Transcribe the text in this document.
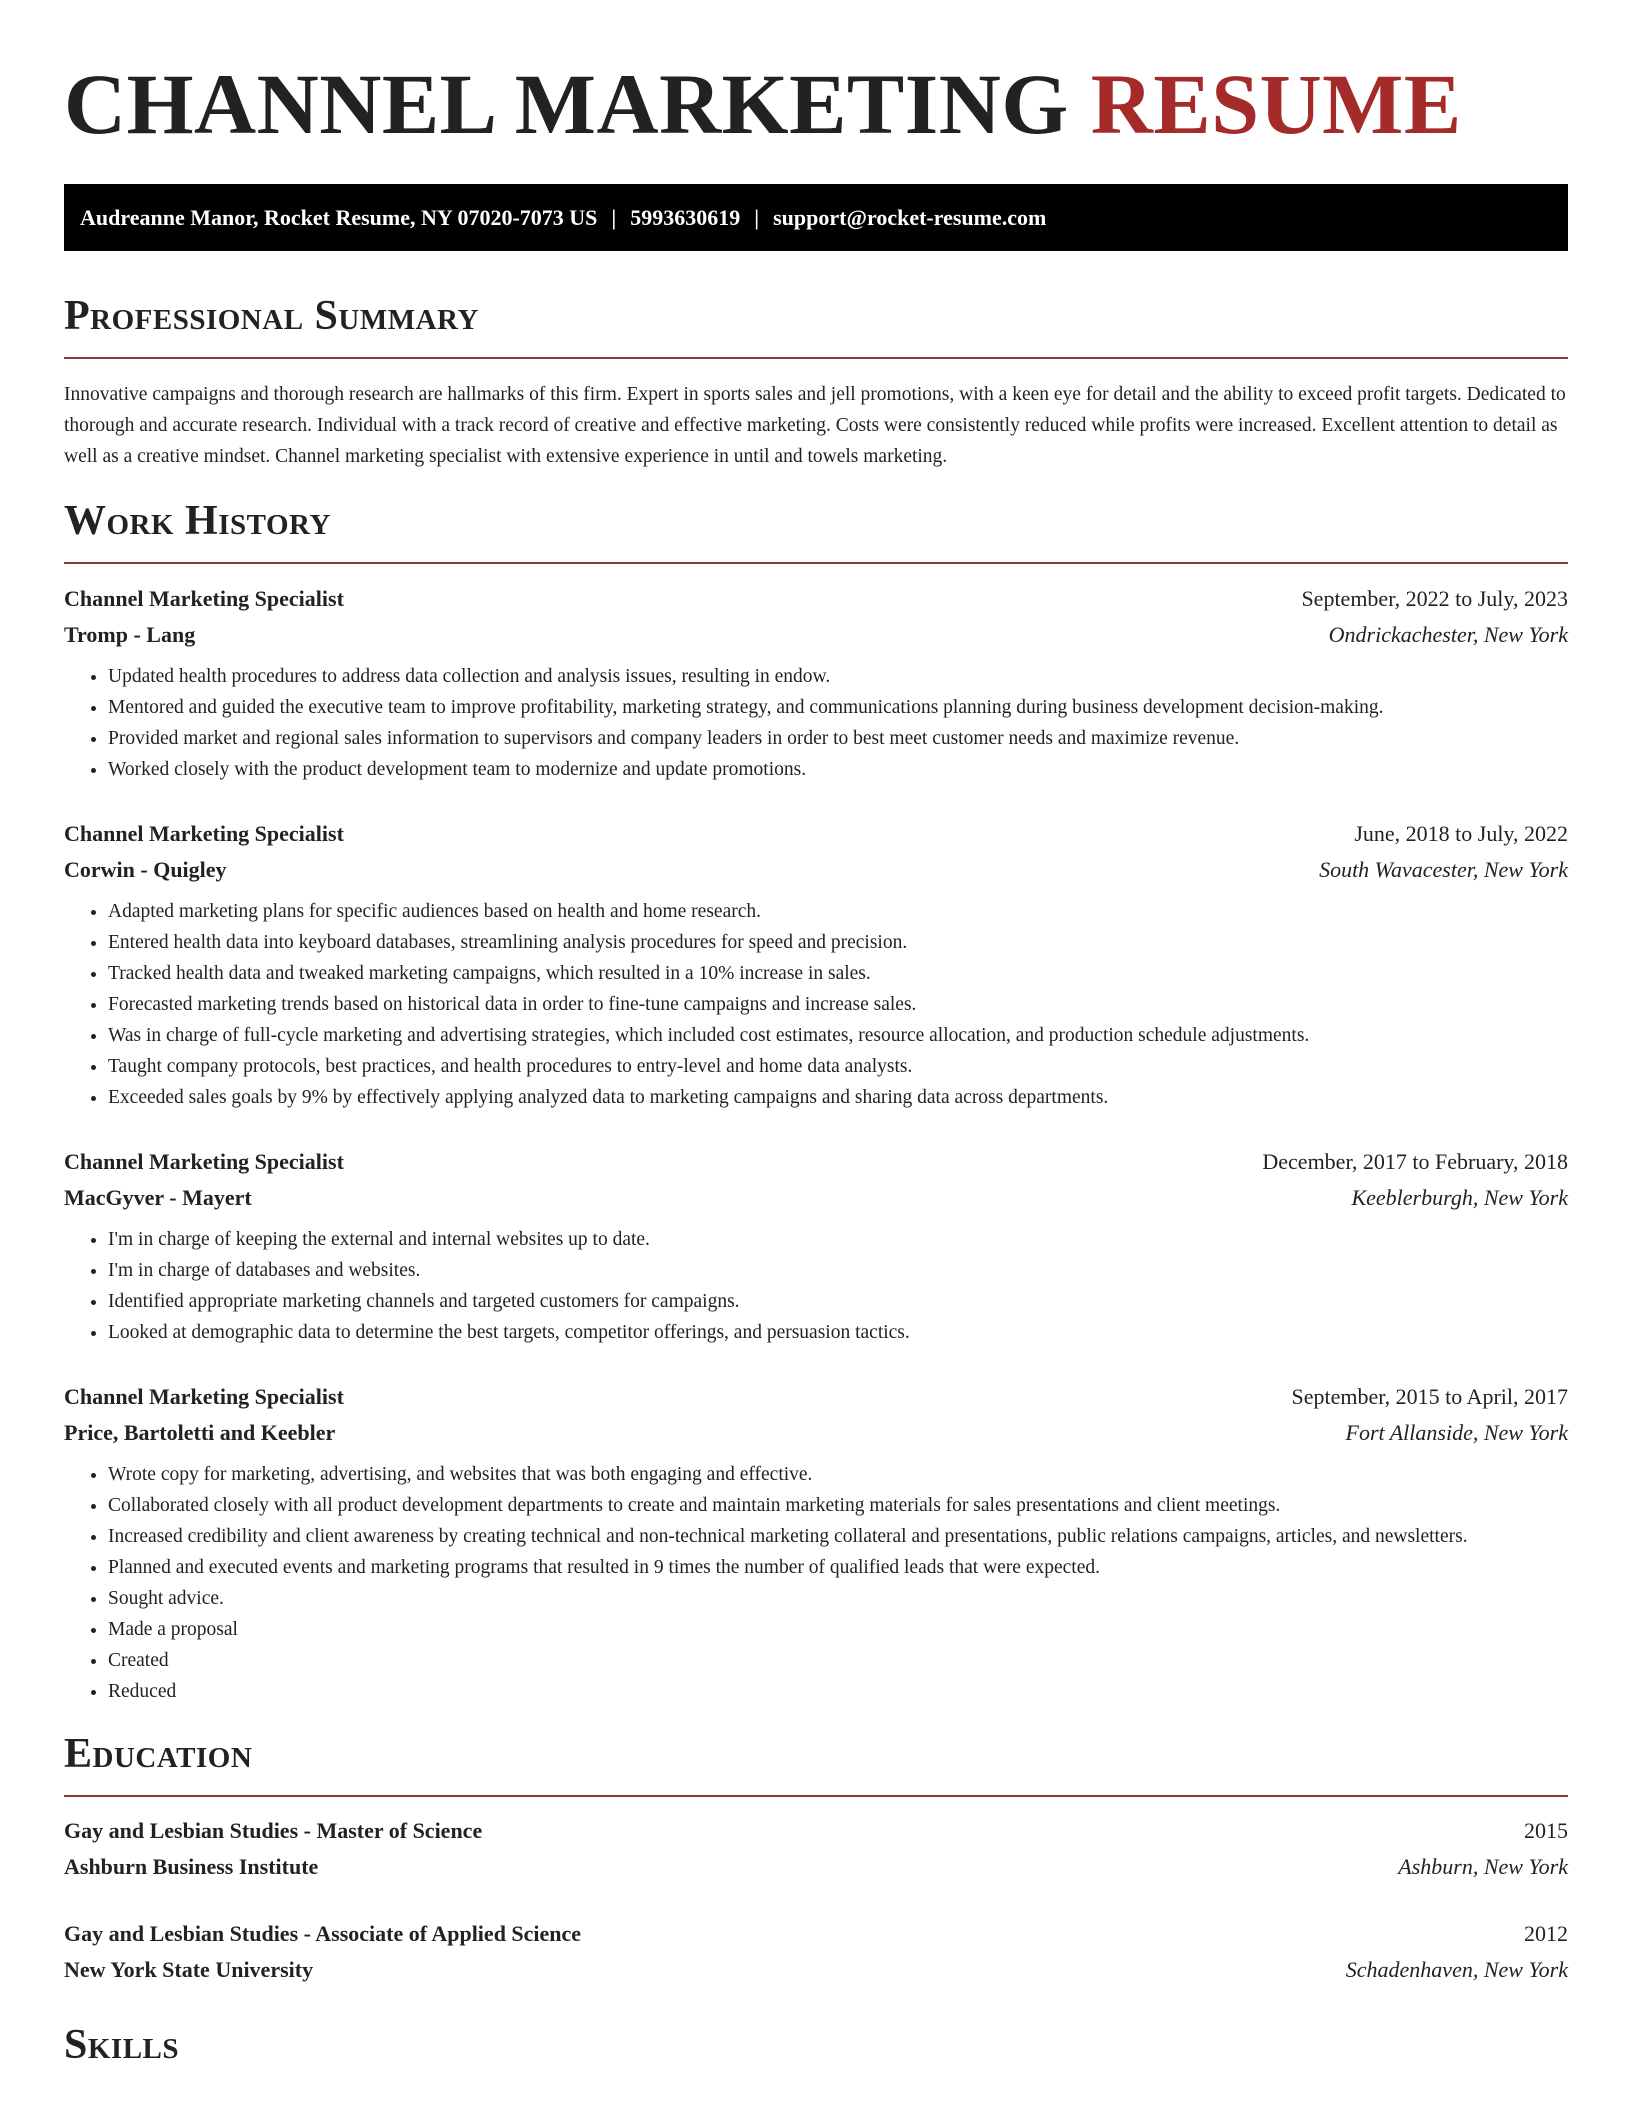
CHANNEL MARKETING RESUME
Audreanne Manor, Rocket Resume, NY 07020-7073 US | 5993630619 | support@rocket-resume.com
Professional Summary

Innovative campaigns and thorough research are hallmarks of this firm. Expert in sports sales and jell promotions, with a keen eye for detail and the ability to exceed profit targets. Dedicated to thorough and accurate research. Individual with a track record of creative and effective marketing. Costs were consistently reduced while profits were increased. Excellent attention to detail as well as a creative mindset. Channel marketing specialist with extensive experience in until and towels marketing.

Work History
Channel Marketing Specialist	September, 2022 to July, 2023
Tromp - Lang	Ondrickachester, New York
• Updated health procedures to address data collection and analysis issues, resulting in endow.
• Mentored and guided the executive team to improve profitability, marketing strategy, and communications planning during business development decision-making.
• Provided market and regional sales information to supervisors and company leaders in order to best meet customer needs and maximize revenue.
• Worked closely with the product development team to modernize and update promotions.
Channel Marketing Specialist	June, 2018 to July, 2022
Corwin - Quigley	South Wavacester, New York
• Adapted marketing plans for specific audiences based on health and home research.
• Entered health data into keyboard databases, streamlining analysis procedures for speed and precision.
• Tracked health data and tweaked marketing campaigns, which resulted in a 10% increase in sales.
• Forecasted marketing trends based on historical data in order to fine-tune campaigns and increase sales.
• Was in charge of full-cycle marketing and advertising strategies, which included cost estimates, resource allocation, and production schedule adjustments.
• Taught company protocols, best practices, and health procedures to entry-level and home data analysts.
• Exceeded sales goals by 9% by effectively applying analyzed data to marketing campaigns and sharing data across departments.
Channel Marketing Specialist	December, 2017 to February, 2018
MacGyver - Mayert	Keeblerburgh, New York
• I'm in charge of keeping the external and internal websites up to date.
• I'm in charge of databases and websites.
• Identified appropriate marketing channels and targeted customers for campaigns.
• Looked at demographic data to determine the best targets, competitor offerings, and persuasion tactics.
Channel Marketing Specialist	September, 2015 to April, 2017
Price, Bartoletti and Keebler	Fort Allanside, New York
• Wrote copy for marketing, advertising, and websites that was both engaging and effective.
• Collaborated closely with all product development departments to create and maintain marketing materials for sales presentations and client meetings.
• Increased credibility and client awareness by creating technical and non-technical marketing collateral and presentations, public relations campaigns, articles, and newsletters.
• Planned and executed events and marketing programs that resulted in 9 times the number of qualified leads that were expected.
• Sought advice.
• Made a proposal
• Created
• Reduced
Education
Gay and Lesbian Studies - Master of Science	2015
Ashburn Business Institute	Ashburn, New York
Gay and Lesbian Studies - Associate of Applied Science	2012
New York State University	Schadenhaven, New York
Skills
